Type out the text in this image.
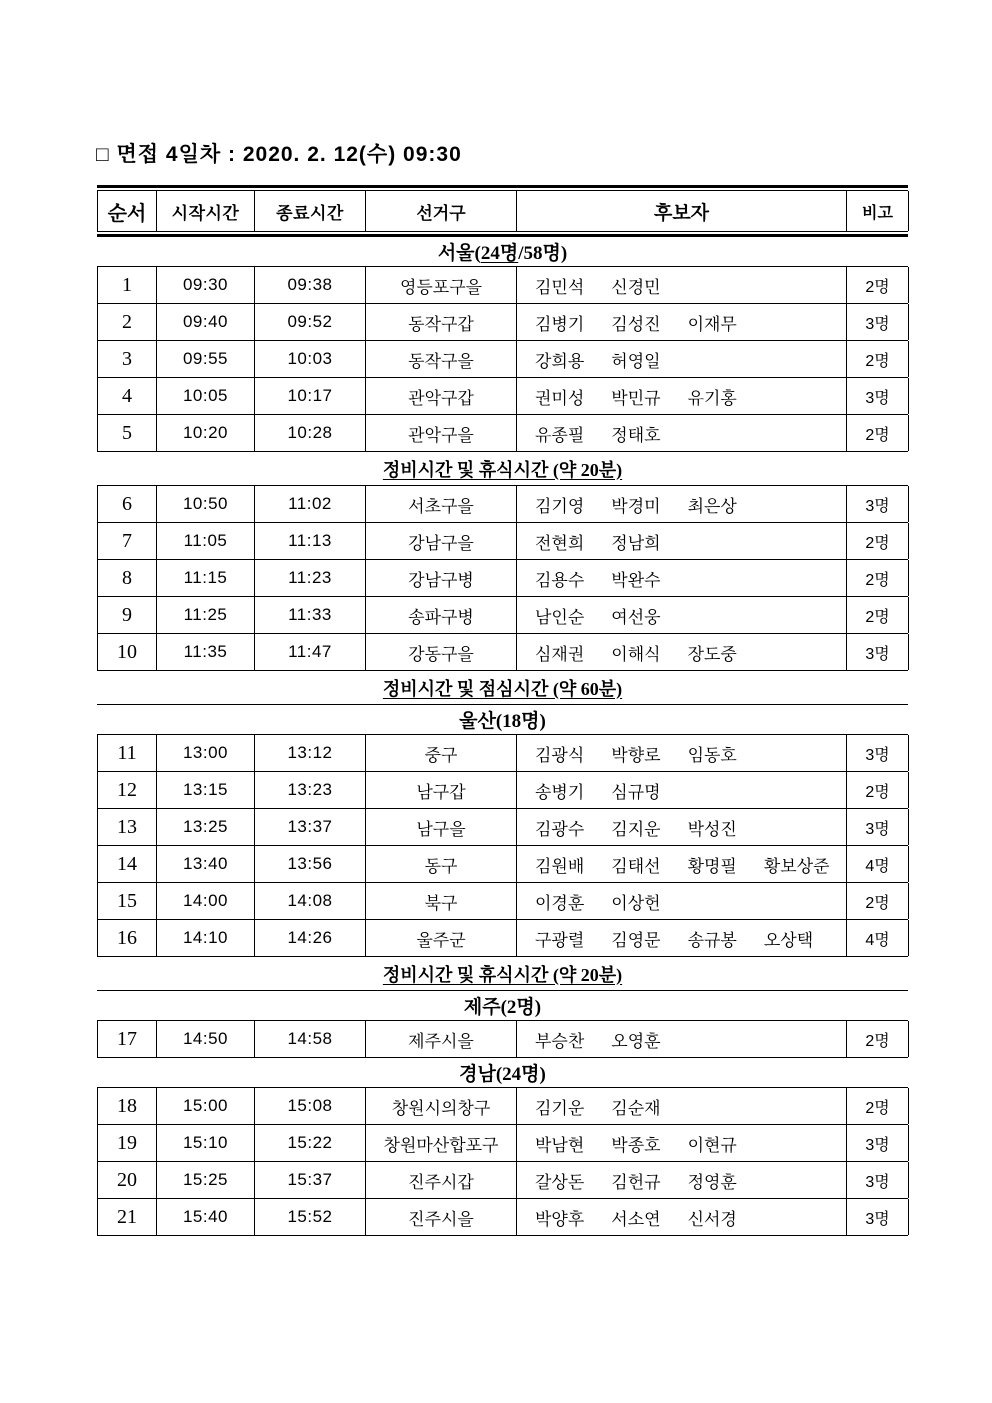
□ 면접 4일차 : 2020. 2. 12(수) 09:30
순서	시작시간	종료시간	선거구	후보자	비고
서울( 24명 /58명)
1	09:30	09:38	영등포구을	김민석 신경민	2명
2	09:40	09:52	동작구갑	김병기 김성진 이재무	3명
3	09:55	10:03	동작구을	강희용 허영일	2명
4	10:05	10:17	관악구갑	권미성 박민규 유기홍	3명
5	10:20	10:28	관악구을	유종필 정태호	2명
정비시간 및 휴식시간 (약 20분)
6	10:50	11:02	서초구을	김기영 박경미 최은상	3명
7	11:05	11:13	강남구을	전현희 정남희	2명
8	11:15	11:23	강남구병	김용수 박완수	2명
9	11:25	11:33	송파구병	남인순 여선웅	2명
10	11:35	11:47	강동구을	심재권 이해식 장도중	3명
정비시간 및 점심시간 (약 60분)
울산(18명)
11	13:00	13:12	중구	김광식 박향로 임동호	3명
12	13:15	13:23	남구갑	송병기 심규명	2명
13	13:25	13:37	남구을	김광수 김지운 박성진	3명
14	13:40	13:56	동구	김원배 김태선 황명필 황보상준	4명
15	14:00	14:08	북구	이경훈 이상헌	2명
16	14:10	14:26	울주군	구광렬 김영문 송규봉 오상택	4명
정비시간 및 휴식시간 (약 20분)
제주(2명)
17	14:50	14:58	제주시을	부승찬 오영훈	2명
경남(24명)
18	15:00	15:08	창원시의창구	김기운 김순재	2명
19	15:10	15:22	창원마산합포구	박남현 박종호 이현규	3명
20	15:25	15:37	진주시갑	갈상돈 김헌규 정영훈	3명
21	15:40	15:52	진주시을	박양후 서소연 신서경	3명
